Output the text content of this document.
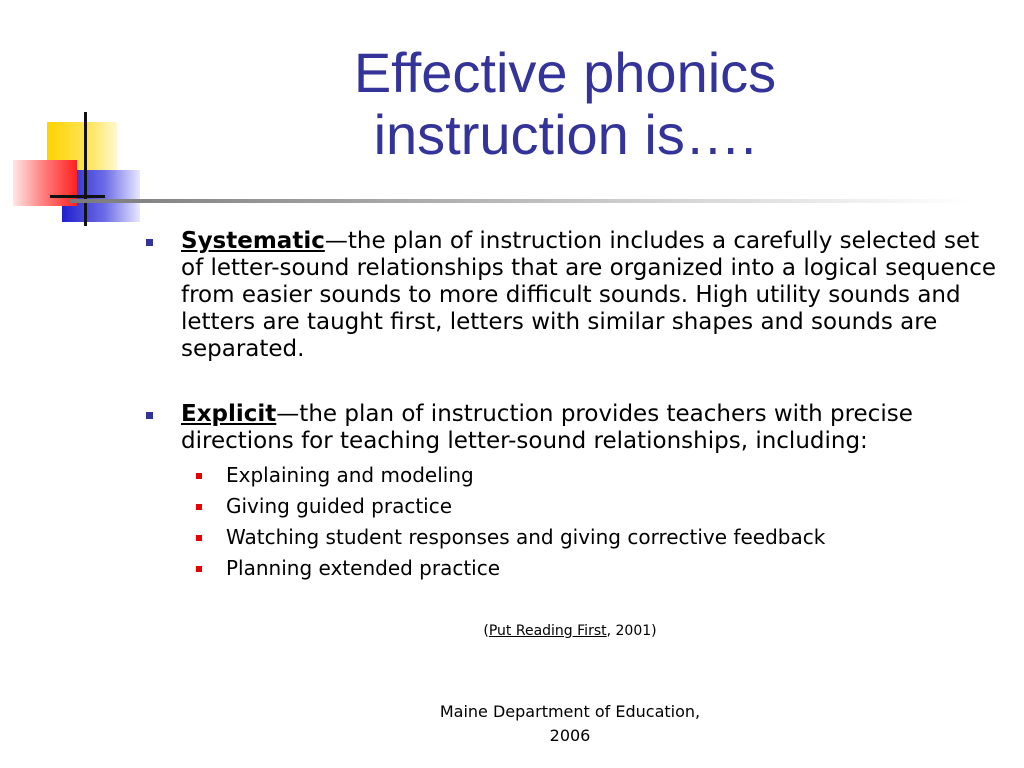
Effective phonics
instruction is….
Systematic—the plan of instruction includes a carefully selected set of letter-sound relationships that are organized into a logical sequence from easier sounds to more difficult sounds. High utility sounds and letters are taught first, letters with similar shapes and sounds are separated.
Explicit—the plan of instruction provides teachers with precise directions for teaching letter-sound relationships, including:
Explaining and modeling
Giving guided practice
Watching student responses and giving corrective feedback
Planning extended practice
(Put Reading First, 2001)
Maine Department of Education,
2006
